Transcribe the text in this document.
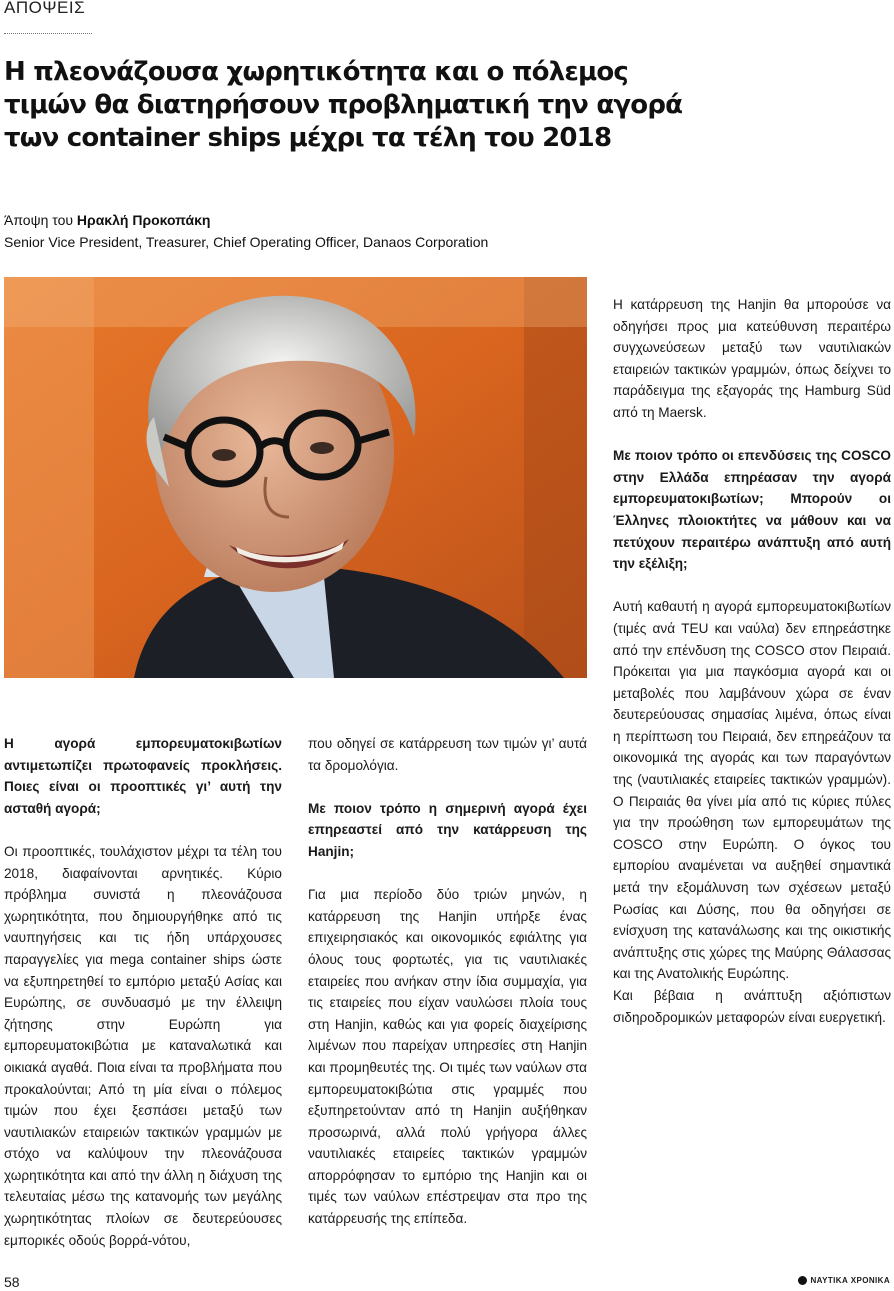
ΑΠΟΨΕΙΣ
Η πλεονάζουσα χωρητικότητα και ο πόλεμος
τιμών θα διατηρήσουν προβληματική την αγορά
των container ships μέχρι τα τέλη του 2018
Άποψη του Ηρακλή Προκοπάκη
Senior Vice President, Treasurer, Chief Operating Officer, Danaos Corporation

Η αγορά εμπορευματοκιβωτίων αντιμετωπίζει πρωτοφανείς προκλήσεις. Ποιες είναι οι προοπτικές γι’ αυτή την ασταθή αγορά;

Οι προοπτικές, τουλάχιστον μέχρι τα τέλη του 2018, διαφαίνονται αρνητικές. Κύριο πρόβλημα συνιστά η πλεονάζουσα χωρητικότητα, που δημιουργήθηκε από τις ναυπηγήσεις και τις ήδη υπάρχουσες παραγγελίες για mega container ships ώστε να εξυπηρετηθεί το εμπόριο μεταξύ Ασίας και Ευρώπης, σε συνδυασμό με την έλλειψη ζήτησης στην Ευρώπη για εμπορευματοκιβώτια με καταναλωτικά και οικιακά αγαθά. Ποια είναι τα προβλήματα που προκαλούνται; Από τη μία είναι ο πόλεμος τιμών που έχει ξεσπάσει μεταξύ των ναυτιλιακών εταιρειών τακτικών γραμμών με στόχο να καλύψουν την πλεονάζουσα χωρητικότητα και από την άλλη η διάχυση της τελευταίας μέσω της κατανομής των μεγάλης χωρητικότητας πλοίων σε δευτερεύουσες εμπορικές οδούς βορρά-νότου,

που οδηγεί σε κατάρρευση των τιμών γι’ αυτά τα δρομολόγια.

Με ποιον τρόπο η σημερινή αγορά έχει επηρεαστεί από την κατάρρευση της Hanjin;

Για μια περίοδο δύο τριών μηνών, η κατάρρευση της Hanjin υπήρξε ένας επιχειρησιακός και οικονομικός εφιάλτης για όλους τους φορτωτές, για τις ναυτιλιακές εταιρείες που ανήκαν στην ίδια συμμαχία, για τις εταιρείες που είχαν ναυλώσει πλοία τους στη Hanjin, καθώς και για φορείς διαχείρισης λιμένων που παρείχαν υπηρεσίες στη Hanjin και προμηθευτές της. Οι τιμές των ναύλων στα εμπορευματοκιβώτια στις γραμμές που εξυπηρετούνταν από τη Hanjin αυξήθηκαν προσωρινά, αλλά πολύ γρήγορα άλλες ναυτιλιακές εταιρείες τακτικών γραμμών απορρόφησαν το εμπόριο της Hanjin και οι τιμές των ναύλων επέστρεψαν στα προ της κατάρρευσής της επίπεδα.

Η κατάρρευση της Hanjin θα μπορούσε να οδηγήσει προς μια κατεύθυνση περαιτέρω συγχωνεύσεων μεταξύ των ναυτιλιακών εταιρειών τακτικών γραμμών, όπως δείχνει το παράδειγμα της εξαγοράς της Hamburg Süd από τη Maersk.

Με ποιον τρόπο οι επενδύσεις της COSCO στην Ελλάδα επηρέασαν την αγορά εμπορευματοκιβωτίων; Μπορούν οι Έλληνες πλοιοκτήτες να μάθουν και να πετύχουν περαιτέρω ανάπτυξη από αυτή την εξέλιξη;

Αυτή καθαυτή η αγορά εμπορευματοκιβωτίων (τιμές ανά TEU και ναύλα) δεν επηρεάστηκε από την επένδυση της COSCO στον Πειραιά. Πρόκειται για μια παγκόσμια αγορά και οι μεταβολές που λαμβάνουν χώρα σε έναν δευτερεύουσας σημασίας λιμένα, όπως είναι η περίπτωση του Πειραιά, δεν επηρεάζουν τα οικονομικά της αγοράς και των παραγόντων της (ναυτιλιακές εταιρείες τακτικών γραμμών). Ο Πειραιάς θα γίνει μία από τις κύριες πύλες για την προώθηση των εμπορευμάτων της COSCO στην Ευρώπη. Ο όγκος του εμπορίου αναμένεται να αυξηθεί σημαντικά μετά την εξομάλυνση των σχέσεων μεταξύ Ρωσίας και Δύσης, που θα οδηγήσει σε ενίσχυση της κατανάλωσης και της οικιστικής ανάπτυξης στις χώρες της Μαύρης Θάλασσας και της Ανατολικής Ευρώπης.

Και βέβαια η ανάπτυξη αξιόπιστων σιδηροδρομικών μεταφορών είναι ευεργετική.

58	ΝΑΥΤΙΚΑ ΧΡΟΝΙΚΑ
